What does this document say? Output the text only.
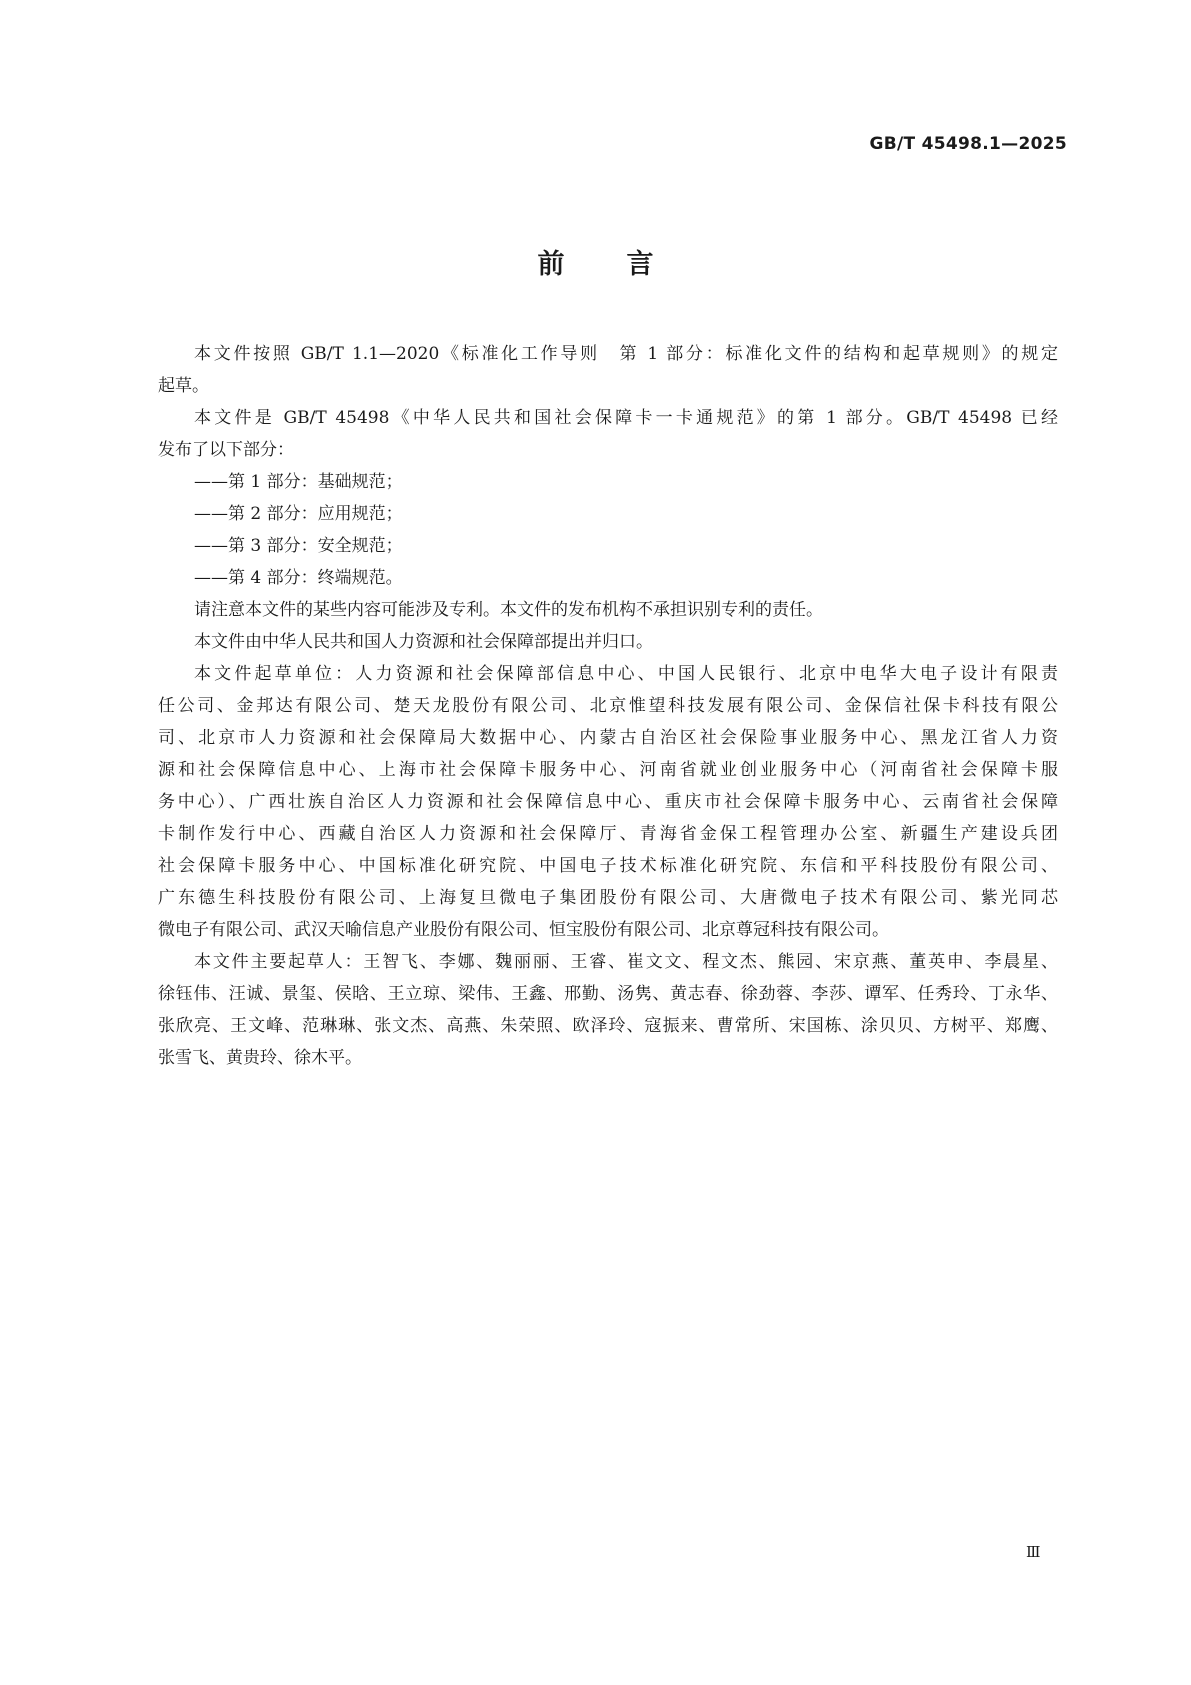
GB/T 45498.1—2025
前言
本文件按照 GB/T 1.1—2020《标准化工作导则　第 1 部分：标准化文件的结构和起草规则》的规定
起草。
本文件是 GB/T 45498《中华人民共和国社会保障卡一卡通规范》的第 1 部分。GB/T 45498 已经
发布了以下部分：
——第 1 部分：基础规范；
——第 2 部分：应用规范；
——第 3 部分：安全规范；
——第 4 部分：终端规范。
请注意本文件的某些内容可能涉及专利。本文件的发布机构不承担识别专利的责任。
本文件由中华人民共和国人力资源和社会保障部提出并归口。
本文件起草单位：人力资源和社会保障部信息中心、中国人民银行、北京中电华大电子设计有限责
任公司、金邦达有限公司、楚天龙股份有限公司、北京惟望科技发展有限公司、金保信社保卡科技有限公
司、北京市人力资源和社会保障局大数据中心、内蒙古自治区社会保险事业服务中心、黑龙江省人力资
源和社会保障信息中心、上海市社会保障卡服务中心、河南省就业创业服务中心（河南省社会保障卡服
务中心）、广西壮族自治区人力资源和社会保障信息中心、重庆市社会保障卡服务中心、云南省社会保障
卡制作发行中心、西藏自治区人力资源和社会保障厅、青海省金保工程管理办公室、新疆生产建设兵团
社会保障卡服务中心、中国标准化研究院、中国电子技术标准化研究院、东信和平科技股份有限公司、
广东德生科技股份有限公司、上海复旦微电子集团股份有限公司、大唐微电子技术有限公司、紫光同芯
微电子有限公司、武汉天喻信息产业股份有限公司、恒宝股份有限公司、北京尊冠科技有限公司。
本文件主要起草人：王智飞、李娜、魏丽丽、王睿、崔文文、程文杰、熊园、宋京燕、董英申、李晨星、
徐钰伟、汪诚、景玺、侯晗、王立琼、梁伟、王鑫、邢勤、汤隽、黄志春、徐劲蓉、李莎、谭军、任秀玲、丁永华、
张欣亮、王文峰、范琳琳、张文杰、高燕、朱荣照、欧泽玲、寇振来、曹常所、宋国栋、涂贝贝、方树平、郑鹰、
张雪飞、黄贵玲、徐木平。
Ⅲ
